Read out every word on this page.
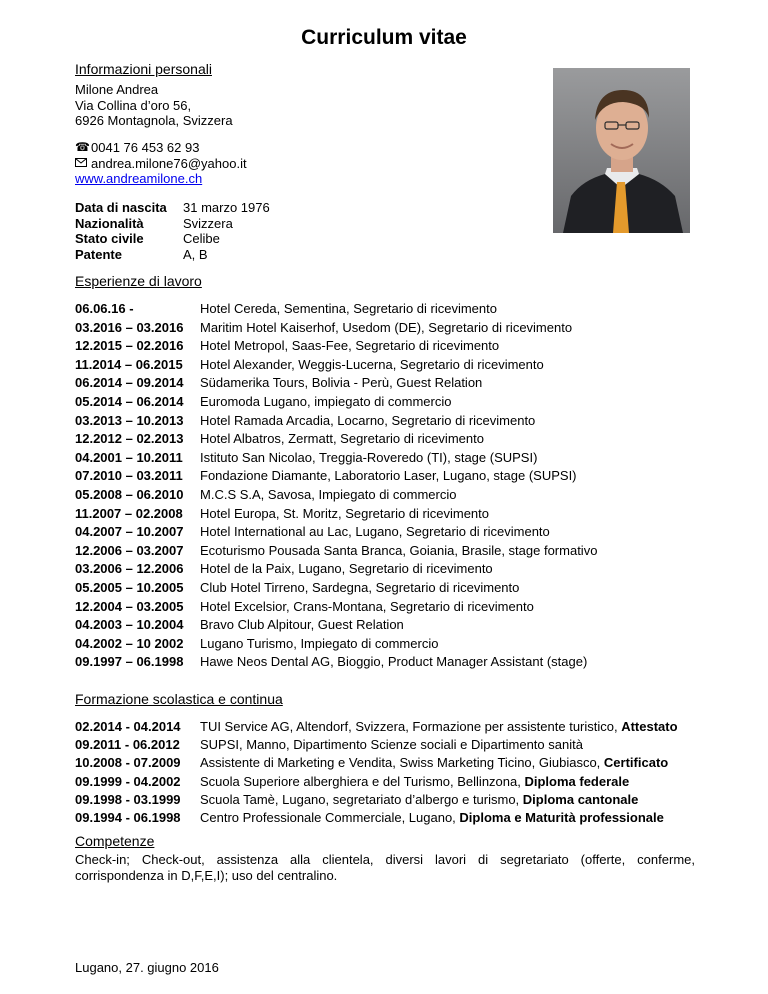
Curriculum vitae
Informazioni personali
Milone Andrea
Via Collina d’oro 56,
6926 Montagnola, Svizzera
☎ 0041 76 453 62 93
andrea.milone76@yahoo.it
www.andreamilone.ch
Data di nascita	31 marzo 1976
Nazionalità	Svizzera
Stato civile	Celibe
Patente	A, B
Esperienze di lavoro
06.06.16 -	Hotel Cereda, Sementina, Segretario di ricevimento
03.2016 – 03.2016	Maritim Hotel Kaiserhof, Usedom (DE), Segretario di ricevimento
12.2015 – 02.2016	Hotel Metropol, Saas-Fee, Segretario di ricevimento
11.2014 – 06.2015	Hotel Alexander, Weggis-Lucerna, Segretario di ricevimento
06.2014 – 09.2014	Südamerika Tours, Bolivia - Perù, Guest Relation
05.2014 – 06.2014	Euromoda Lugano, impiegato di commercio
03.2013 – 10.2013	Hotel Ramada Arcadia, Locarno, Segretario di ricevimento
12.2012 – 02.2013	Hotel Albatros, Zermatt, Segretario di ricevimento
04.2001 – 10.2011	Istituto San Nicolao, Treggia-Roveredo (TI), stage (SUPSI)
07.2010 – 03.2011	Fondazione Diamante, Laboratorio Laser, Lugano, stage (SUPSI)
05.2008 – 06.2010	M.C.S S.A, Savosa, Impiegato di commercio
11.2007 – 02.2008	Hotel Europa, St. Moritz, Segretario di ricevimento
04.2007 – 10.2007	Hotel International au Lac, Lugano, Segretario di ricevimento
12.2006 – 03.2007	Ecoturismo Pousada Santa Branca, Goiania, Brasile, stage formativo
03.2006 – 12.2006	Hotel de la Paix, Lugano, Segretario di ricevimento
05.2005 – 10.2005	Club Hotel Tirreno, Sardegna, Segretario di ricevimento
12.2004 – 03.2005	Hotel Excelsior, Crans-Montana, Segretario di ricevimento
04.2003 – 10.2004	Bravo Club Alpitour, Guest Relation
04.2002 – 10 2002	Lugano Turismo, Impiegato di commercio
09.1997 – 06.1998	Hawe Neos Dental AG, Bioggio, Product Manager Assistant (stage)
Formazione scolastica e continua
02.2014 - 04.2014	TUI Service AG, Altendorf, Svizzera, Formazione per assistente turistico, Attestato
09.2011 - 06.2012	SUPSI, Manno, Dipartimento Scienze sociali e Dipartimento sanità
10.2008 - 07.2009	Assistente di Marketing e Vendita, Swiss Marketing Ticino, Giubiasco, Certificato
09.1999 - 04.2002	Scuola Superiore alberghiera e del Turismo, Bellinzona, Diploma federale
09.1998 - 03.1999	Scuola Tamè, Lugano, segretariato d’albergo e turismo, Diploma cantonale
09.1994 - 06.1998	Centro Professionale Commerciale, Lugano, Diploma e Maturità professionale
Competenze
Check-in; Check-out, assistenza alla clientela, diversi lavori di segretariato (offerte, conferme, corrispondenza in D,F,E,I); uso del centralino.
Lugano, 27. giugno 2016
